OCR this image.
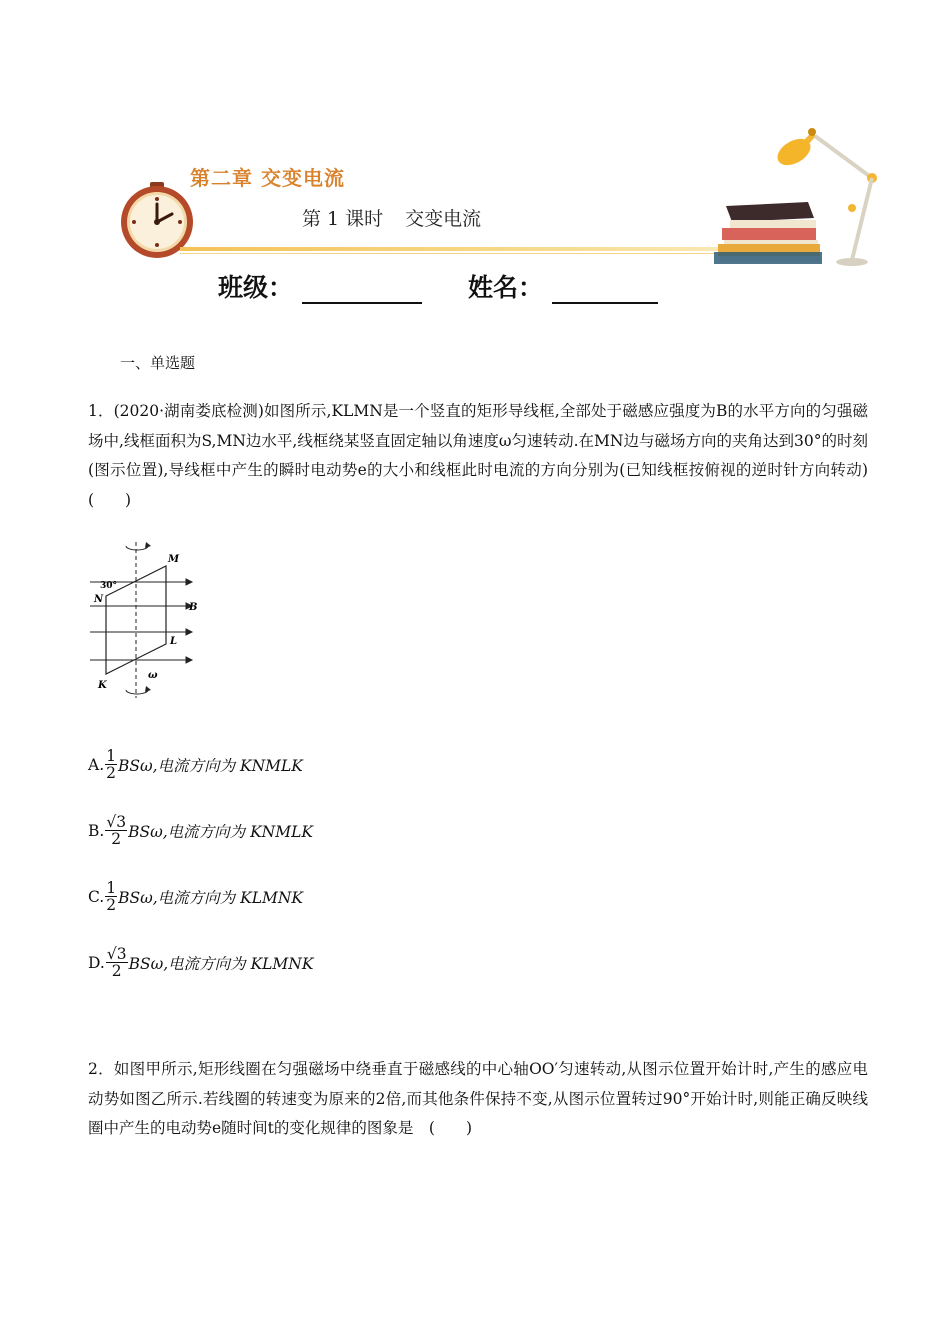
第二章 交变电流
第 1 课时 交变电流
班级：	姓名：
一、单选题
1．(2020·湖南娄底检测)如图所示,KLMN是一个竖直的矩形导线框,全部处于磁感应强度为B的水平方向的匀强磁场中,线框面积为S,MN边水平,线框绕某竖直固定轴以角速度ω匀速转动.在MN边与磁场方向的夹角达到30°的时刻(图示位置),导线框中产生的瞬时电动势e的大小和线框此时电流的方向分别为(已知线框按俯视的逆时针方向转动)　　(　　)
M
N
30°
B
L
K
ω
A. $\frac{1}{2} BS\omega$,电流方向为 KNMLK
B. $\frac{√3}{2} BS\omega$,电流方向为 KNMLK
C. $\frac{1}{2} BS\omega$,电流方向为 KLMNK
D. $\frac{√3}{2} BS\omega$,电流方向为 KLMNK
2．如图甲所示,矩形线圈在匀强磁场中绕垂直于磁感线的中心轴OO′匀速转动,从图示位置开始计时,产生的感应电动势如图乙所示.若线圈的转速变为原来的2倍,而其他条件保持不变,从图示位置转过90°开始计时,则能正确反映线圈中产生的电动势e随时间t的变化规律的图象是　(　　)
